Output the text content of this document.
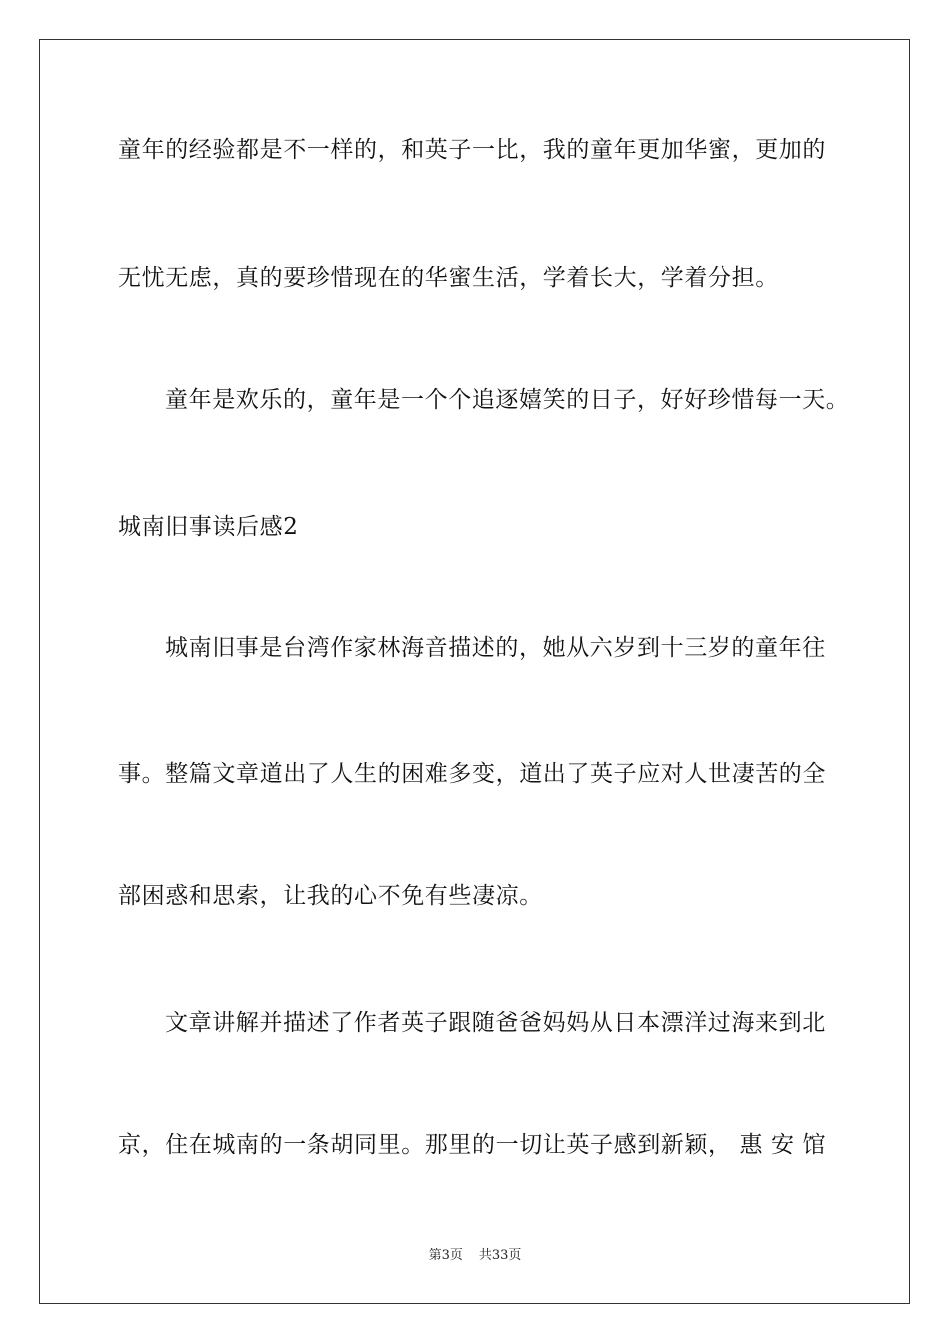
童年的经验都是不一样的，和英子一比，我的童年更加华蜜，更加的
无忧无虑，真的要珍惜现在的华蜜生活，学着长大，学着分担。
童年是欢乐的，童年是一个个追逐嬉笑的日子，好好珍惜每一天。
城南旧事读后感2
城南旧事是台湾作家林海音描述的，她从六岁到十三岁的童年往
事。整篇文章道出了人生的困难多变，道出了英子应对人世凄苦的全
部困惑和思索，让我的心不免有些凄凉。
文章讲解并描述了作者英子跟随爸爸妈妈从日本漂洋过海来到北
京，住在城南的一条胡同里。那里的一切让英子感到新颖， 惠 安 馆
第3页 共33页
